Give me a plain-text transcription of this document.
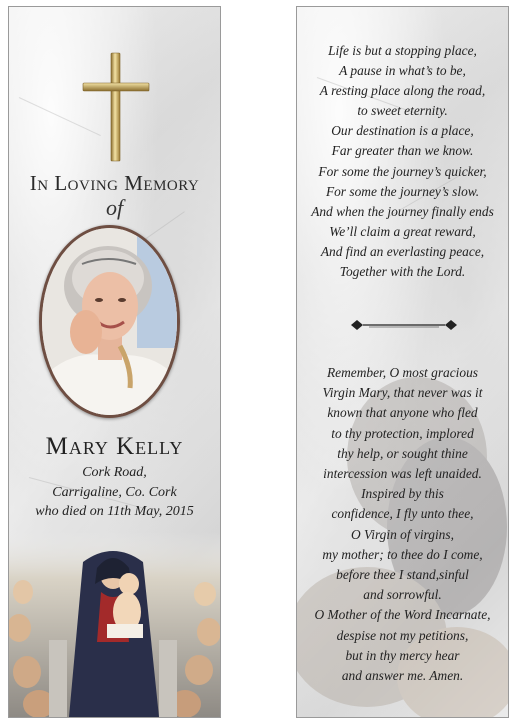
In Loving Memory
of
Mary Kelly
Cork Road,
Carrigaline, Co. Cork
who died on 11th May, 2015
Life is but a stopping place,
A pause in what’s to be,
A resting place along the road,
to sweet eternity.
Our destination is a place,
Far greater than we know.
For some the journey’s quicker,
For some the journey’s slow.
And when the journey finally ends
We’ll claim a great reward,
And find an everlasting peace,
Together with the Lord.
Remember, O most gracious
Virgin Mary, that never was it
known that anyone who fled
to thy protection, implored
thy help, or sought thine
intercession was left unaided.
Inspired by this
confidence, I fly unto thee,
O Virgin of virgins,
my mother; to thee do I come,
before thee I stand,sinful
and sorrowful.
O Mother of the Word Incarnate,
despise not my petitions,
but in thy mercy hear
and answer me. Amen.
